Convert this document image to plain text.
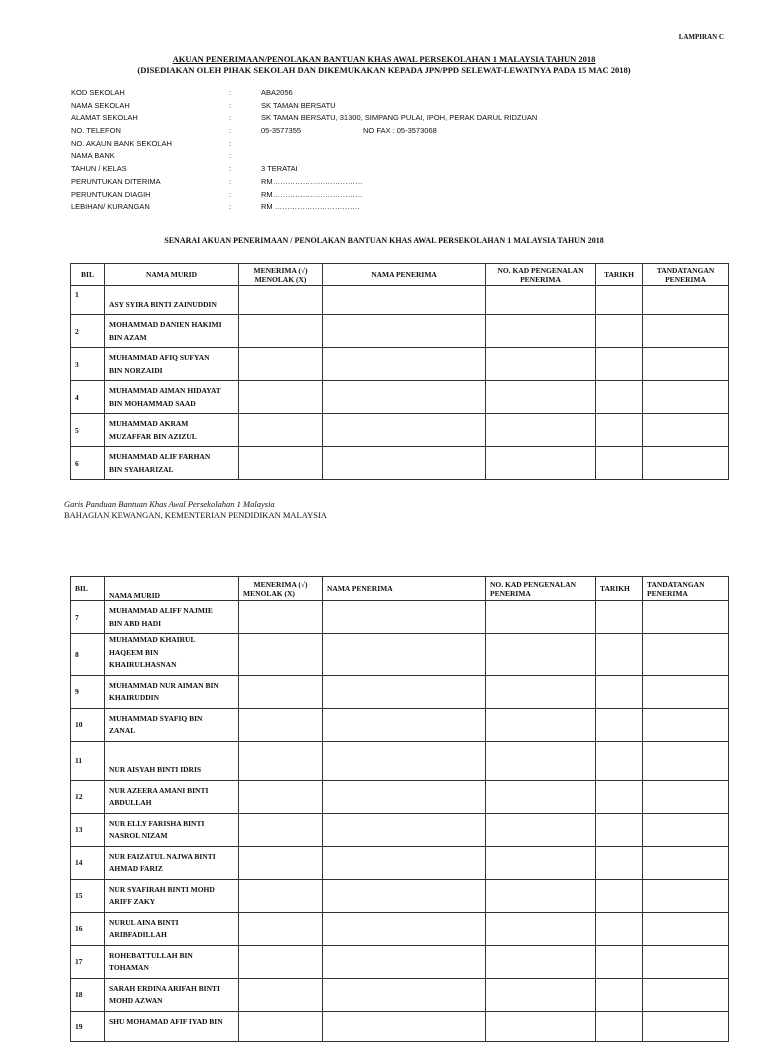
LAMPIRAN C
AKUAN PENERIMAAN/PENOLAKAN BANTUAN KHAS AWAL PERSEKOLAHAN 1 MALAYSIA TAHUN 2018
(DISEDIAKAN OLEH PIHAK SEKOLAH DAN DIKEMUKAKAN KEPADA JPN/PPD SELEWAT-LEWATNYA PADA 15 MAC 2018)
KOD SEKOLAH	:	ABA2056
NAMA SEKOLAH	:	SK TAMAN BERSATU
ALAMAT SEKOLAH	:	SK TAMAN BERSATU, 31300, SIMPANG PULAI, IPOH, PERAK DARUL RIDZUAN
NO. TELEFON	:	05-3577355	NO FAX : 05-3573068
NO. AKAUN BANK SEKOLAH	:
NAMA BANK	:
TAHUN / KELAS	:	3 TERATAI
PERUNTUKAN DITERIMA	:	RM………………………………
PERUNTUKAN DIAGIH	:	RM………………………………
LEBIHAN/ KURANGAN	:	RM …………………………….
SENARAI AKUAN PENERIMAAN / PENOLAKAN BANTUAN KHAS AWAL PERSEKOLAHAN 1 MALAYSIA TAHUN 2018
BIL	NAMA MURID	MENERIMA (√)
MENOLAK (X)	NAMA PENERIMA	NO. KAD PENGENALAN PENERIMA	TARIKH	TANDATANGAN PENERIMA
1	ASY SYIRA BINTI ZAINUDDIN					

2	MOHAMMAD DANIEN HAKIMI
BIN AZAM					

3	MUHAMMAD AFIQ SUFYAN
BIN NORZAIDI					

4	MUHAMMAD AIMAN HIDAYAT
BIN MOHAMMAD SAAD					

5	MUHAMMAD AKRAM
MUZAFFAR BIN AZIZUL					

6	MUHAMMAD ALIF FARHAN
BIN SYAHARIZAL					

Garis Panduan Bantuan Khas Awal Persekolahan 1 Malaysia
BAHAGIAN KEWANGAN, KEMENTERIAN PENDIDIKAN MALAYSIA
BIL	NAMA MURID	MENERIMA (√)
MENOLAK (X)	NAMA PENERIMA	NO. KAD PENGENALAN PENERIMA	TARIKH	TANDATANGAN PENERIMA
7	MUHAMMAD ALIFF NAJMIE
BIN ABD HADI					

8	MUHAMMAD KHAIRUL
HAQEEM BIN
KHAIRULHASNAN					

9	MUHAMMAD NUR AIMAN BIN
KHAIRUDDIN					

10	MUHAMMAD SYAFIQ BIN
ZANAL					

11	NUR AISYAH BINTI IDRIS					

12	NUR AZEERA AMANI BINTI
ABDULLAH					

13	NUR ELLY FARISHA BINTI
NASROL NIZAM					

14	NUR FAIZATUL NAJWA BINTI
AHMAD FARIZ					

15	NUR SYAFIRAH BINTI MOHD
ARIFF ZAKY					

16	NURUL AINA BINTI
ARIBFADILLAH					

17	ROHEBATTULLAH BIN
TOHAMAN					

18	SARAH ERDINA ARIFAH BINTI
MOHD AZWAN					

19	SHU MOHAMAD AFIF IYAD BIN					
